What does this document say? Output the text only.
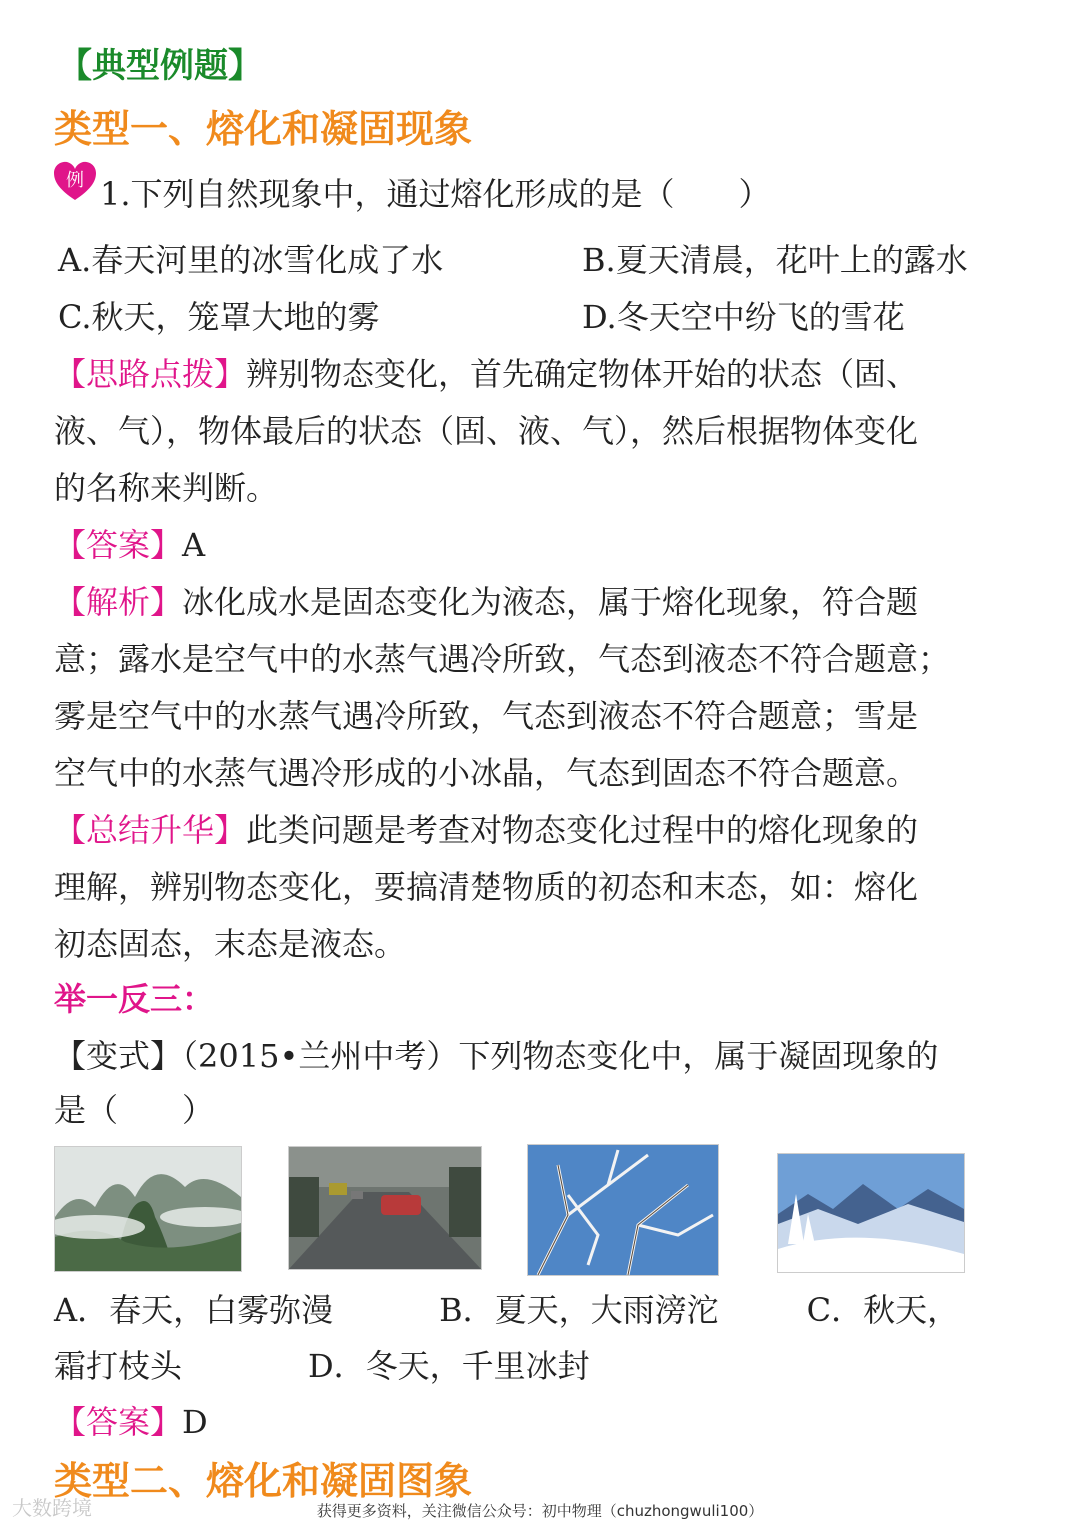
【典型例题】
类型一、熔化和凝固现象
例 1.下列自然现象中，通过熔化形成的是（　　）
A.春天河里的冰雪化成了水	B.夏天清晨，花叶上的露水
C.秋天，笼罩大地的雾	D.冬天空中纷飞的雪花
【思路点拨】辨别物态变化，首先确定物体开始的状态（固、
液、气），物体最后的状态（固、液、气），然后根据物体变化
的名称来判断。
【答案】A
【解析】冰化成水是固态变化为液态，属于熔化现象，符合题
意；露水是空气中的水蒸气遇冷所致，气态到液态不符合题意；
雾是空气中的水蒸气遇冷所致，气态到液态不符合题意；雪是
空气中的水蒸气遇冷形成的小冰晶，气态到固态不符合题意。
【总结升华】此类问题是考查对物态变化过程中的熔化现象的
理解，辨别物态变化，要搞清楚物质的初态和末态，如：熔化
初态固态，末态是液态。
举一反三：
【变式】（2015•兰州中考）下列物态变化中，属于凝固现象的
是（　　）
A．春天，白雾弥漫	B．夏天，大雨滂沱	C．秋天，
霜打枝头	D．冬天，千里冰封
【答案】D
类型二、熔化和凝固图象
大数跨境	获得更多资料，关注微信公众号：初中物理（chuzhongwuli100）
